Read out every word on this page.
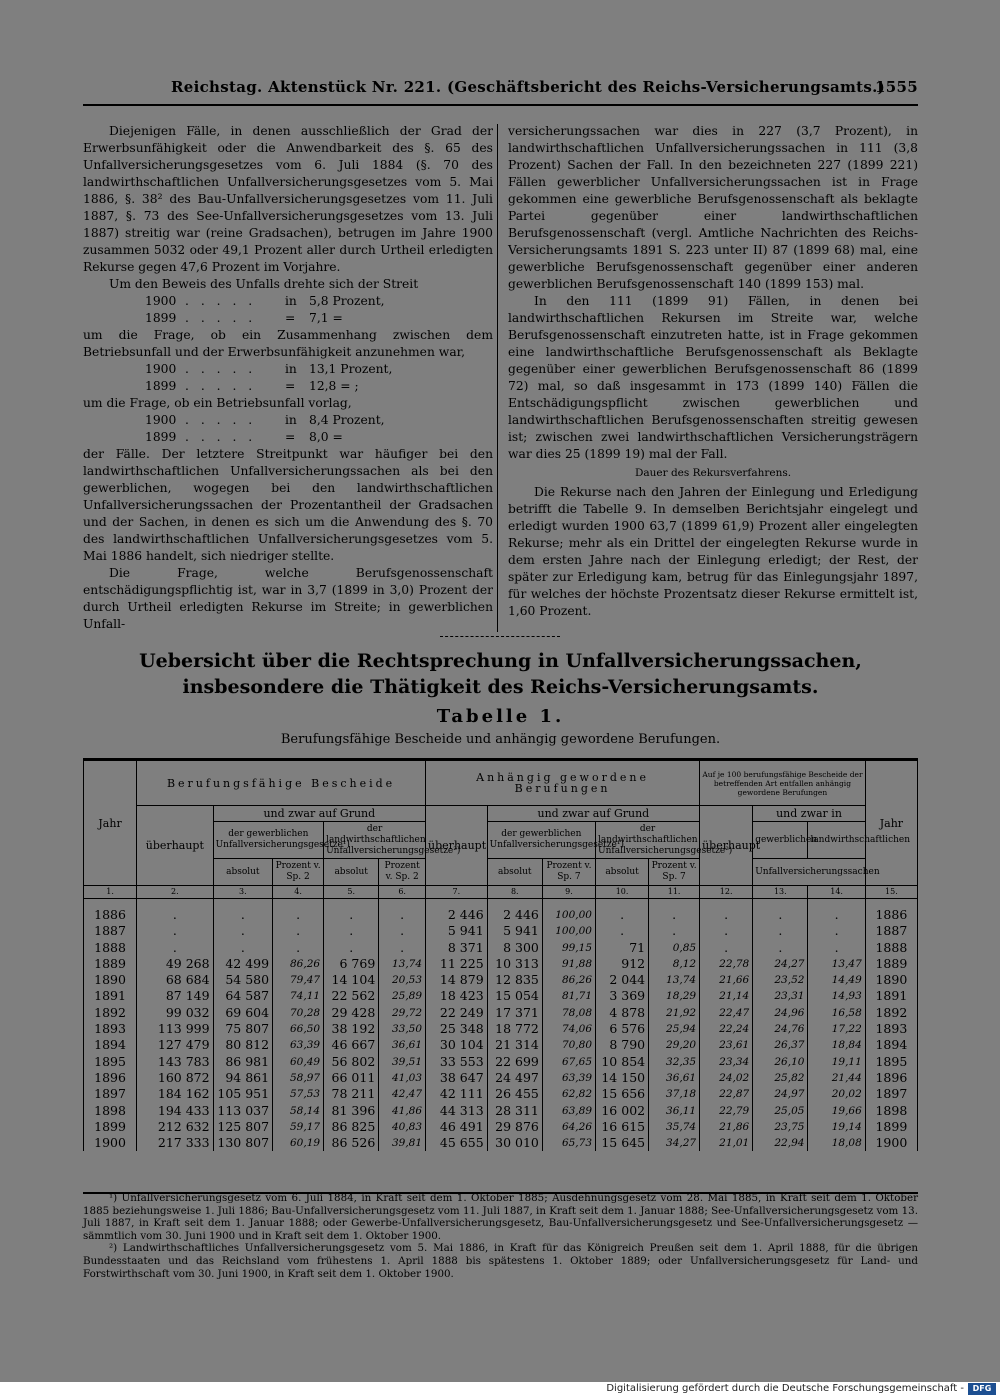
Reichstag. Aktenstück Nr. 221. (Geschäftsbericht des Reichs-Versicherungsamts.)
1555

Diejenigen Fälle, in denen ausschließlich der Grad der Erwerbsunfähigkeit oder die Anwendbarkeit des §. 65 des Unfallversicherungsgesetzes vom 6. Juli 1884 (§. 70 des landwirthschaftlichen Unfallversicherungsgesetzes vom 5. Mai 1886, §. 38² des Bau-Unfallversicherungsgesetzes vom 11. Juli 1887, §. 73 des See-Unfallversicherungsgesetzes vom 13. Juli 1887) streitig war (reine Gradsachen), betrugen im Jahre 1900 zusammen 5032 oder 49,1 Prozent aller durch Urtheil erledigten Rekurse gegen 47,6 Prozent im Vorjahre.

Um den Beweis des Unfalls drehte sich der Streit

1900 . . . . .	in 5,8 Prozent,
1899 . . . . .	=	7,1 =

um die Frage, ob ein Zusammenhang zwischen dem Betriebsunfall und der Erwerbsunfähigkeit anzunehmen war,

1900 . . . . .	in 13,1 Prozent,
1899 . . . . .	=	12,8 = ;

um die Frage, ob ein Betriebsunfall vorlag,

1900 . . . . .	in 8,4 Prozent,
1899 . . . . .	=	8,0 =

der Fälle. Der letztere Streitpunkt war häufiger bei den landwirthschaftlichen Unfallversicherungssachen als bei den gewerblichen, wogegen bei den landwirthschaftlichen Unfallversicherungssachen der Prozentantheil der Gradsachen und der Sachen, in denen es sich um die Anwendung des §. 70 des landwirthschaftlichen Unfallversicherungsgesetzes vom 5. Mai 1886 handelt, sich niedriger stellte.

Die Frage, welche Berufsgenossenschaft entschädigungspflichtig ist, war in 3,7 (1899 in 3,0) Prozent der durch Urtheil erledigten Rekurse im Streite; in gewerblichen Unfall-

versicherungssachen war dies in 227 (3,7 Prozent), in landwirthschaftlichen Unfallversicherungssachen in 111 (3,8 Prozent) Sachen der Fall. In den bezeichneten 227 (1899 221) Fällen gewerblicher Unfallversicherungssachen ist in Frage gekommen eine gewerbliche Berufsgenossenschaft als beklagte Partei gegenüber einer landwirthschaftlichen Berufsgenossenschaft (vergl. Amtliche Nachrichten des Reichs-Versicherungsamts 1891 S. 223 unter II) 87 (1899 68) mal, eine gewerbliche Berufsgenossenschaft gegenüber einer anderen gewerblichen Berufsgenossenschaft 140 (1899 153) mal.

In den 111 (1899 91) Fällen, in denen bei landwirthschaftlichen Rekursen im Streite war, welche Berufsgenossenschaft einzutreten hatte, ist in Frage gekommen eine landwirthschaftliche Berufsgenossenschaft als Beklagte gegenüber einer gewerblichen Berufsgenossenschaft 86 (1899 72) mal, so daß insgesammt in 173 (1899 140) Fällen die Entschädigungspflicht zwischen gewerblichen und landwirthschaftlichen Berufsgenossenschaften streitig gewesen ist; zwischen zwei landwirthschaftlichen Versicherungsträgern war dies 25 (1899 19) mal der Fall.

Dauer des Rekursverfahrens.

Die Rekurse nach den Jahren der Einlegung und Erledigung betrifft die Tabelle 9. In demselben Berichtsjahr eingelegt und erledigt wurden 1900 63,7 (1899 61,9) Prozent aller eingelegten Rekurse; mehr als ein Drittel der eingelegten Rekurse wurde in dem ersten Jahre nach der Einlegung erledigt; der Rest, der später zur Erledigung kam, betrug für das Einlegungsjahr 1897, für welches der höchste Prozentsatz dieser Rekurse ermittelt ist, 1,60 Prozent.

Uebersicht über die Rechtsprechung in Unfallversicherungssachen, insbesondere die Thätigkeit des Reichs-Versicherungsamts.
Tabelle 1.
Berufungsfähige Bescheide und anhängig gewordene Berufungen.
Jahr	Berufungsfähige Bescheide					Anhängig gewordene Berufungen					Auf je 100 berufungsfähige Bescheide der betreffenden Art entfallen anhängig gewordene Berufungen			Jahr
	überhaupt	und zwar auf Grund				überhaupt	und zwar auf Grund				überhaupt	und zwar in		
		der gewerblichen Unfallversicherungsgesetze¹)		der landwirthschaftlichen Unfallversicherungsgesetze²)			der gewerblichen Unfallversicherungsgesetze¹)		der landwirthschaftlichen Unfallversicherungsgesetze²)			gewerblichen	landwirthschaftlichen	
		absolut	Prozent v. Sp. 2	absolut	Prozent v. Sp. 2		absolut	Prozent v. Sp. 7	absolut	Prozent v. Sp. 7		Unfallversicherungssachen		
1.	2.	3.	4.	5.	6.	7.	8.	9.	10.	11.	12.	13.	14.	15.

1886	.	.	.	.	.	2 446	2 446	100,00	.	.	.	.	.	1886
1887	.	.	.	.	.	5 941	5 941	100,00	.	.	.	.	.	1887
1888	.	.	.	.	.	8 371	8 300	99,15	71	0,85	.	.	.	1888
1889	49 268	42 499	86,26	6 769	13,74	11 225	10 313	91,88	912	8,12	22,78	24,27	13,47	1889
1890	68 684	54 580	79,47	14 104	20,53	14 879	12 835	86,26	2 044	13,74	21,66	23,52	14,49	1890
1891	87 149	64 587	74,11	22 562	25,89	18 423	15 054	81,71	3 369	18,29	21,14	23,31	14,93	1891
1892	99 032	69 604	70,28	29 428	29,72	22 249	17 371	78,08	4 878	21,92	22,47	24,96	16,58	1892
1893	113 999	75 807	66,50	38 192	33,50	25 348	18 772	74,06	6 576	25,94	22,24	24,76	17,22	1893
1894	127 479	80 812	63,39	46 667	36,61	30 104	21 314	70,80	8 790	29,20	23,61	26,37	18,84	1894
1895	143 783	86 981	60,49	56 802	39,51	33 553	22 699	67,65	10 854	32,35	23,34	26,10	19,11	1895
1896	160 872	94 861	58,97	66 011	41,03	38 647	24 497	63,39	14 150	36,61	24,02	25,82	21,44	1896
1897	184 162	105 951	57,53	78 211	42,47	42 111	26 455	62,82	15 656	37,18	22,87	24,97	20,02	1897
1898	194 433	113 037	58,14	81 396	41,86	44 313	28 311	63,89	16 002	36,11	22,79	25,05	19,66	1898
1899	212 632	125 807	59,17	86 825	40,83	46 491	29 876	64,26	16 615	35,74	21,86	23,75	19,14	1899
1900	217 333	130 807	60,19	86 526	39,81	45 655	30 010	65,73	15 645	34,27	21,01	22,94	18,08	1900

¹) Unfallversicherungsgesetz vom 6. Juli 1884, in Kraft seit dem 1. Oktober 1885; Ausdehnungsgesetz vom 28. Mai 1885, in Kraft seit dem 1. Oktober 1885 beziehungsweise 1. Juli 1886; Bau-Unfallversicherungsgesetz vom 11. Juli 1887, in Kraft seit dem 1. Januar 1888; See-Unfallversicherungsgesetz vom 13. Juli 1887, in Kraft seit dem 1. Januar 1888; oder Gewerbe-Unfallversicherungsgesetz, Bau-Unfallversicherungsgesetz und See-Unfallversicherungsgesetz — sämmtlich vom 30. Juni 1900 und in Kraft seit dem 1. Oktober 1900.

²) Landwirthschaftliches Unfallversicherungsgesetz vom 5. Mai 1886, in Kraft für das Königreich Preußen seit dem 1. April 1888, für die übrigen Bundesstaaten und das Reichsland vom frühestens 1. April 1888 bis spätestens 1. Oktober 1889; oder Unfallversicherungsgesetz für Land- und Forstwirthschaft vom 30. Juni 1900, in Kraft seit dem 1. Oktober 1900.

Digitalisierung gefördert durch die Deutsche Forschungsgemeinschaft -	DFG
